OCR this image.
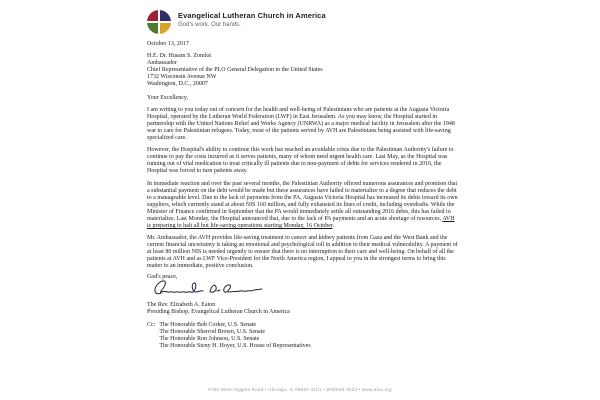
Evangelical Lutheran Church in America
God's work. Our hands.
October 13, 2017
H.E. Dr. Husam S. Zomlot
Ambassador
Chief Representative of the PLO General Delegation to the United States
1732 Wisconsin Avenue NW
Washington, D.C., 20007
Your Excellency,

I am writing to you today out of concern for the health and well-being of Palestinians who are patients at the Augusta Victoria Hospital, operated by the Lutheran World Federation (LWF) in East Jerusalem. As you may know, the Hospital started in partnership with the United Nations Relief and Works Agency (UNRWA) as a major medical facility in Jerusalem after the 1948 war to care for Palestinian refugees. Today, most of the patients served by AVH are Palestinians being assisted with life-saving specialized care.

However, the Hospital's ability to continue this work has reached an avoidable crisis due to the Palestinian Authority's failure to continue to pay the costs incurred as it serves patients, many of whom need urgent health care. Last May, as the Hospital was running out of vital medication to treat critically ill patients due to non-payment of debts for services rendered in 2016, the Hospital was forced to turn patients away.

In immediate reaction and over the past several months, the Palestinian Authority offered numerous assurances and promises that a substantial payment on the debt would be made but these assurances have failed to materialize to a degree that reduces the debt to a manageable level. Due to the lack of payments from the PA, Augusta Victoria Hospital has increased its debts toward its own suppliers, which currently stand at about NIS 160 million, and fully exhausted its lines of credit, including overdrafts. While the Minister of Finance confirmed in September that the PA would immediately settle all outstanding 2016 debts, this has failed to materialize. Last Monday, the Hospital announced that, due to the lack of PA payments and an acute shortage of resources, AVH is preparing to halt all but life-saving operations starting Monday, 16 October.

Mr. Ambassador, the AVH provides life-saving treatment to cancer and kidney patients from Gaza and the West Bank and the current financial uncertainty is taking an emotional and psychological toll in addition to their medical vulnerability. A payment of at least 80 million NIS is needed urgently to ensure that there is no interruption to their care and well-being. On behalf of all the patients at AVH and as LWF Vice-President for the North America region, I appeal to you in the strongest terms to bring this matter to an immediate, positive conclusion.

God's peace,
The Rev. Elizabeth A. Eaton
Presiding Bishop, Evangelical Lutheran Church in America
Cc: The Honorable Bob Corker, U.S. Senate
The Honorable Sherrod Brown, U.S. Senate
The Honorable Ron Johnson, U.S. Senate
The Honorable Steny H. Hoyer, U.S. House of Representatives
8765 West Higgins Road • Chicago, IL 60631-4101 • 800/638-3522 • www.elca.org
